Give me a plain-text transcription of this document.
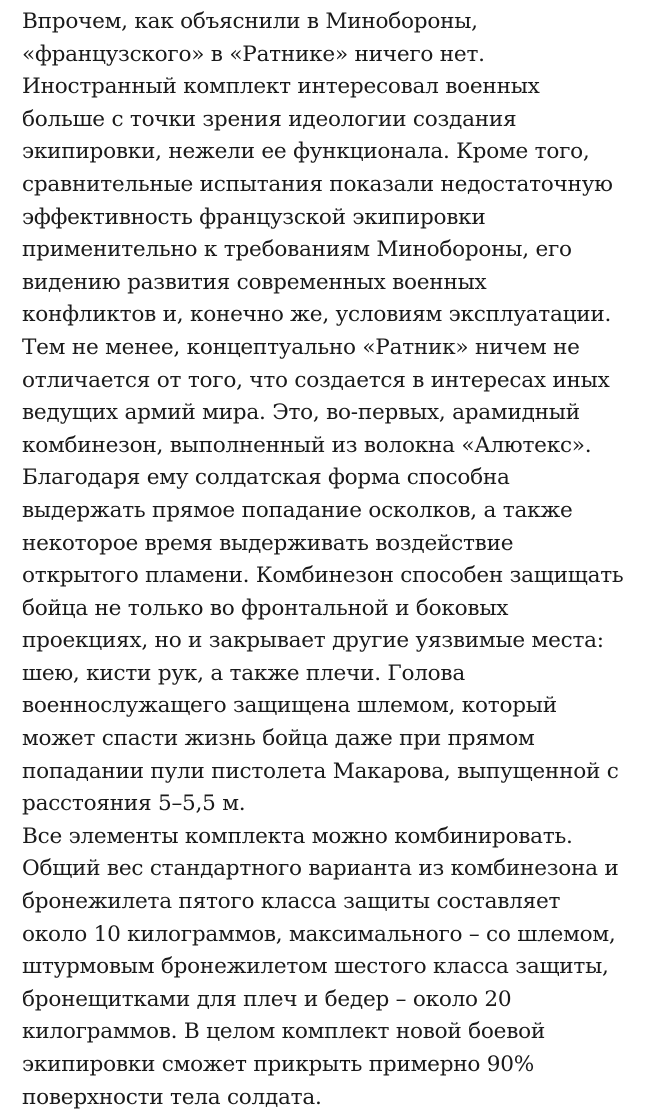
Впрочем, как объяснили в Минобороны,
«французского» в «Ратнике» ничего нет.
Иностранный комплект интересовал военных
больше с точки зрения идеологии создания
экипировки, нежели ее функционала. Кроме того,
сравнительные испытания показали недостаточную
эффективность французской экипировки
применительно к требованиям Минобороны, его
видению развития современных военных
конфликтов и, конечно же, условиям эксплуатации.
Тем не менее, концептуально «Ратник» ничем не
отличается от того, что создается в интересах иных
ведущих армий мира. Это, во-первых, арамидный
комбинезон, выполненный из волокна «Алютекс».
Благодаря ему солдатская форма способна
выдержать прямое попадание осколков, а также
некоторое время выдерживать воздействие
открытого пламени. Комбинезон способен защищать
бойца не только во фронтальной и боковых
проекциях, но и закрывает другие уязвимые места:
шею, кисти рук, а также плечи. Голова
военнослужащего защищена шлемом, который
может спасти жизнь бойца даже при прямом
попадании пули пистолета Макарова, выпущенной с
расстояния 5–5,5 м.
Все элементы комплекта можно комбинировать.
Общий вес стандартного варианта из комбинезона и
бронежилета пятого класса защиты составляет
около 10 килограммов, максимального – со шлемом,
штурмовым бронежилетом шестого класса защиты,
бронещитками для плеч и бедер – около 20
килограммов. В целом комплект новой боевой
экипировки сможет прикрыть примерно 90%
поверхности тела солдата.
